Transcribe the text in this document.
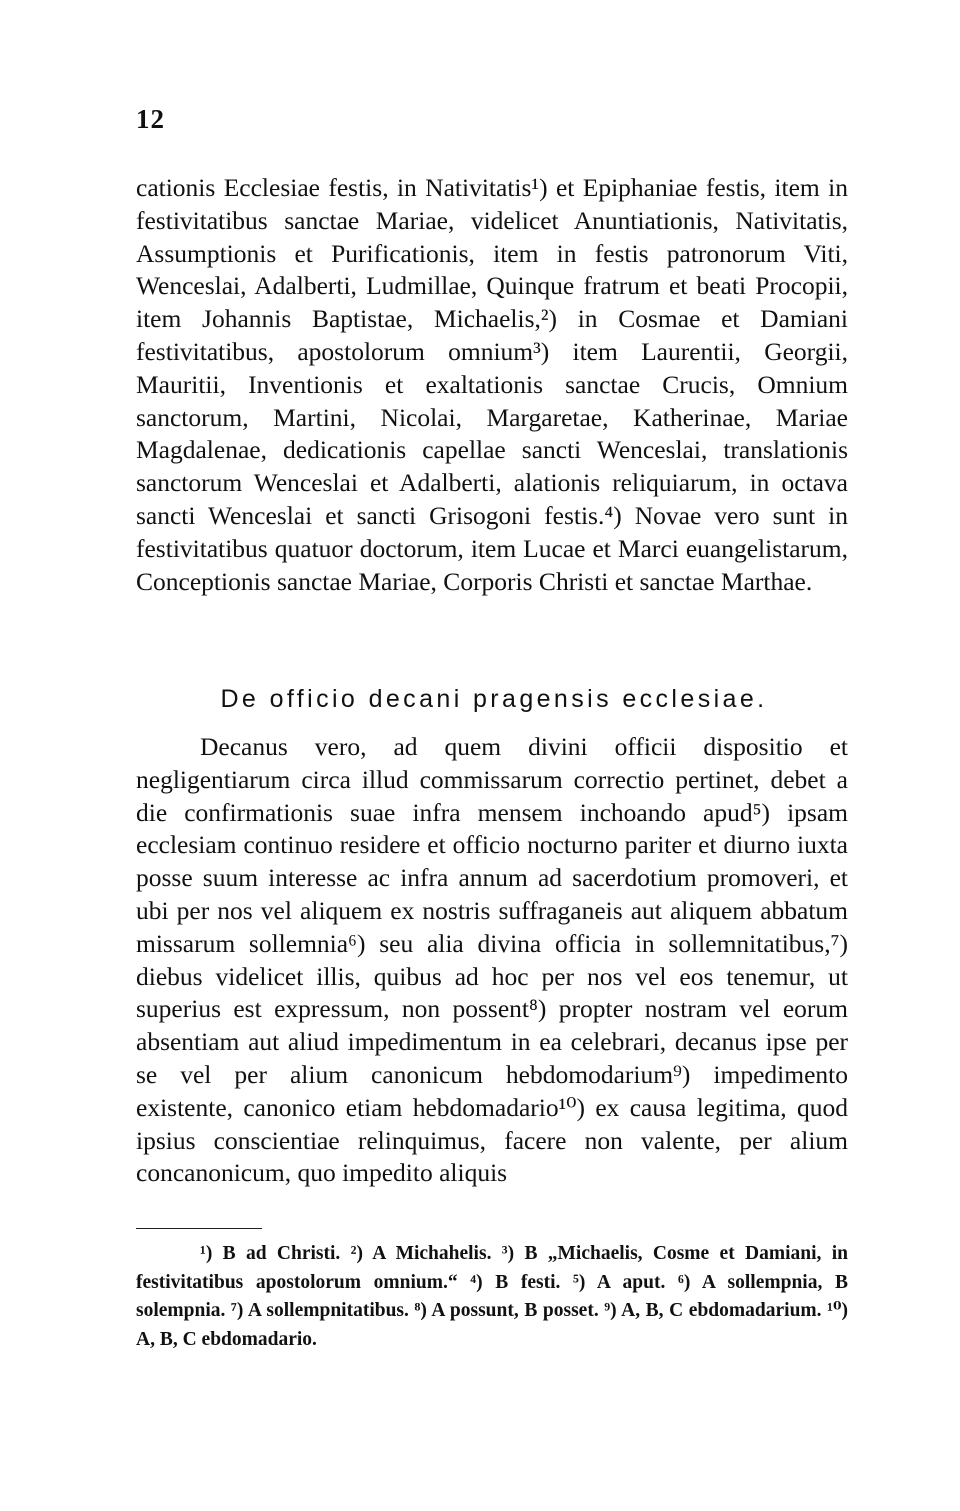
12
cationis Ecclesiae festis, in Nativitatis¹) et Epiphaniae festis, item in festivitatibus sanctae Mariae, videlicet Anuntiationis, Nativitatis, Assumptionis et Purificationis, item in festis patronorum Viti, Wenceslai, Adalberti, Ludmillae, Quinque fratrum et beati Procopii, item Johannis Baptistae, Michaelis,²) in Cosmae et Damiani festivitatibus, apostolorum omnium³) item Laurentii, Georgii, Mauritii, Inventionis et exaltationis sanctae Crucis, Omnium sanctorum, Martini, Nicolai, Margaretae, Katherinae, Mariae Magdalenae, dedicationis capellae sancti Wenceslai, translationis sanctorum Wenceslai et Adalberti, alationis reliquiarum, in octava sancti Wenceslai et sancti Grisogoni festis.⁴) Novae vero sunt in festivitatibus quatuor doctorum, item Lucae et Marci euangelistarum, Conceptionis sanctae Mariae, Corporis Christi et sanctae Marthae.
De officio decani pragensis ecclesiae.
Decanus vero, ad quem divini officii dispositio et negligentiarum circa illud commissarum correctio pertinet, debet a die confirmationis suae infra mensem inchoando apud⁵) ipsam ecclesiam continuo residere et officio nocturno pariter et diurno iuxta posse suum interesse ac infra annum ad sacerdotium promoveri, et ubi per nos vel aliquem ex nostris suffraganeis aut aliquem abbatum missarum sollemnia⁶) seu alia divina officia in sollemnitatibus,⁷) diebus videlicet illis, quibus ad hoc per nos vel eos tenemur, ut superius est expressum, non possent⁸) propter nostram vel eorum absentiam aut aliud impedimentum in ea celebrari, decanus ipse per se vel per alium canonicum hebdomodarium⁹) impedimento existente, canonico etiam hebdomadario¹⁰) ex causa legitima, quod ipsius conscientiae relinquimus, facere non valente, per alium concanonicum, quo impedito aliquis
¹) B ad Christi. ²) A Michahelis. ³) B „Michaelis, Cosme et Damiani, in festivitatibus apostolorum omnium.“ ⁴) B festi. ⁵) A aput. ⁶) A sollempnia, B solempnia. ⁷) A sollempnitatibus. ⁸) A possunt, B posset. ⁹) A, B, C ebdomadarium. ¹⁰) A, B, C ebdomadario.
